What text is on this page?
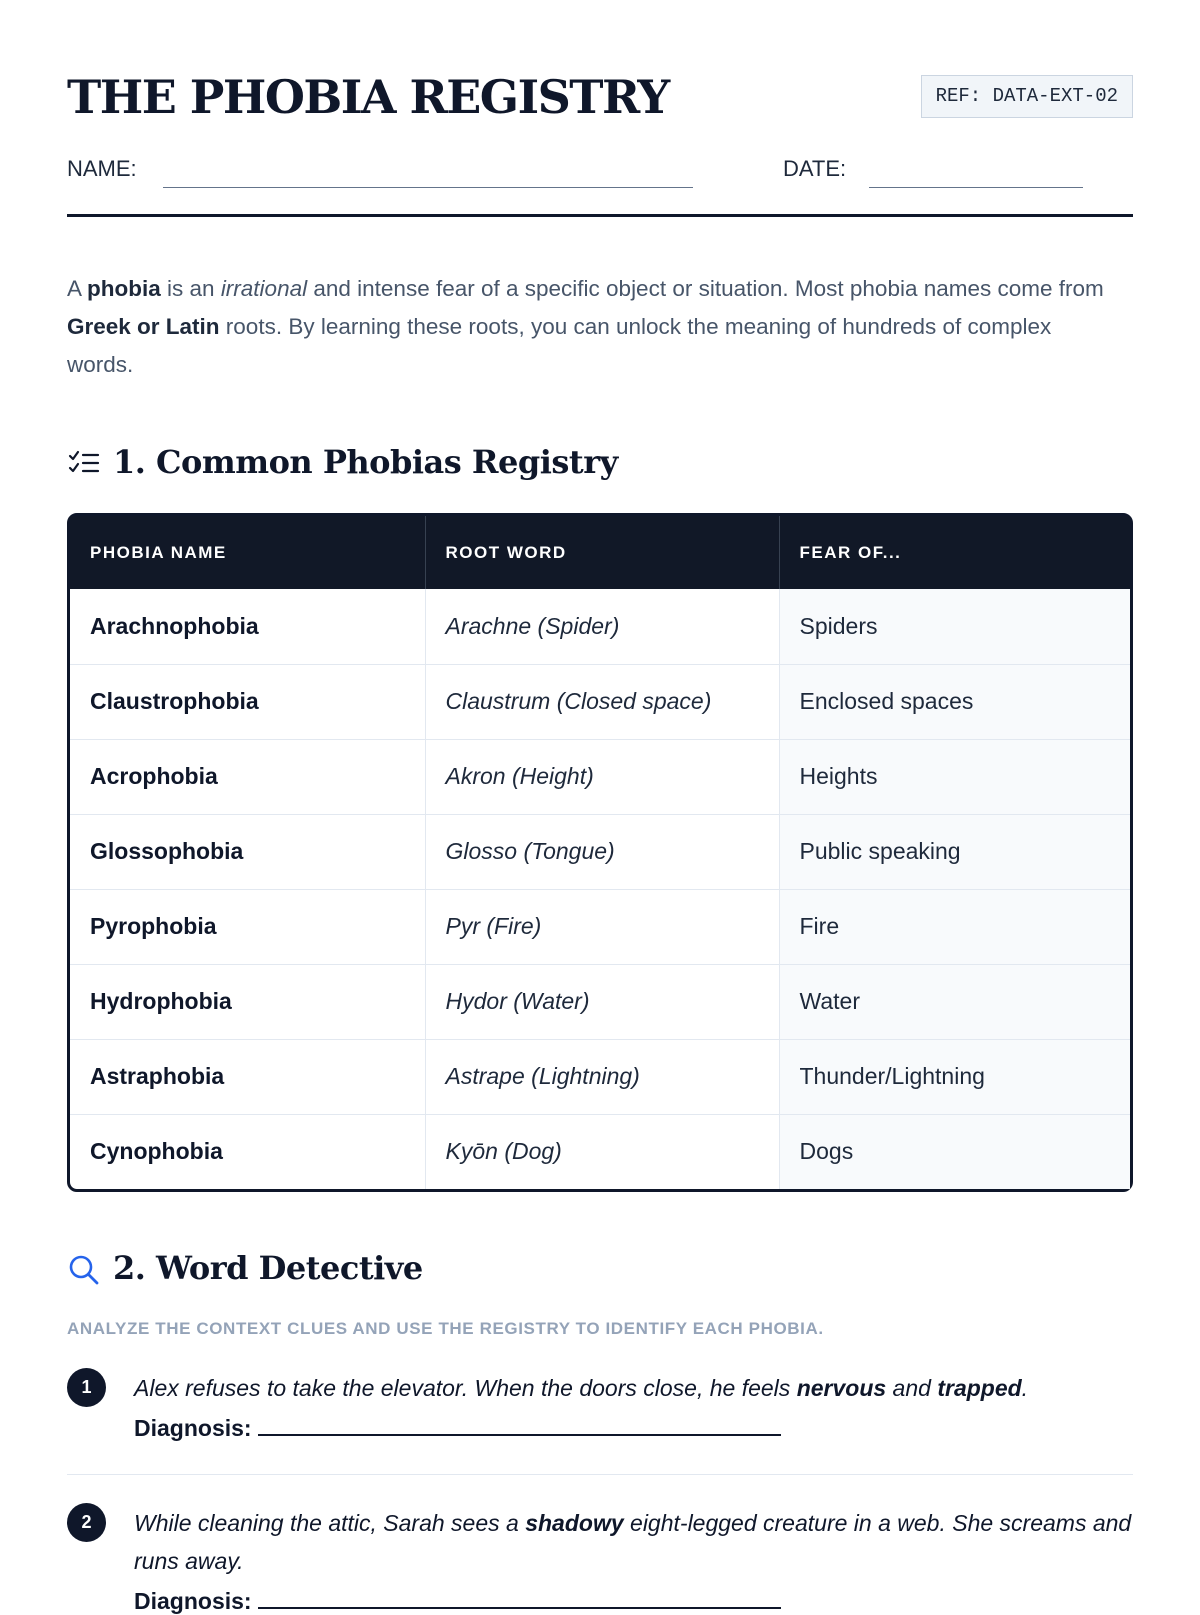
THE PHOBIA REGISTRY	REF: DATA-EXT-02
NAME:	DATE:

A phobia is an irrational and intense fear of a specific object or situation. Most phobia names come from Greek or Latin roots. By learning these roots, you can unlock the meaning of hundreds of complex words.

1. Common Phobias Registry
PHOBIA NAME	ROOT WORD	FEAR OF...
Arachnophobia	Arachne (Spider)	Spiders
Claustrophobia	Claustrum (Closed space)	Enclosed spaces
Acrophobia	Akron (Height)	Heights
Glossophobia	Glosso (Tongue)	Public speaking
Pyrophobia	Pyr (Fire)	Fire
Hydrophobia	Hydor (Water)	Water
Astraphobia	Astrape (Lightning)	Thunder/Lightning
Cynophobia	Kyōn (Dog)	Dogs
2. Word Detective
ANALYZE THE CONTEXT CLUES AND USE THE REGISTRY TO IDENTIFY EACH PHOBIA.
1	Alex refuses to take the elevator. When the doors close, he feels nervous and trapped.
Diagnosis:
2	While cleaning the attic, Sarah sees a shadowy eight-legged creature in a web. She screams and runs away.
Diagnosis:
